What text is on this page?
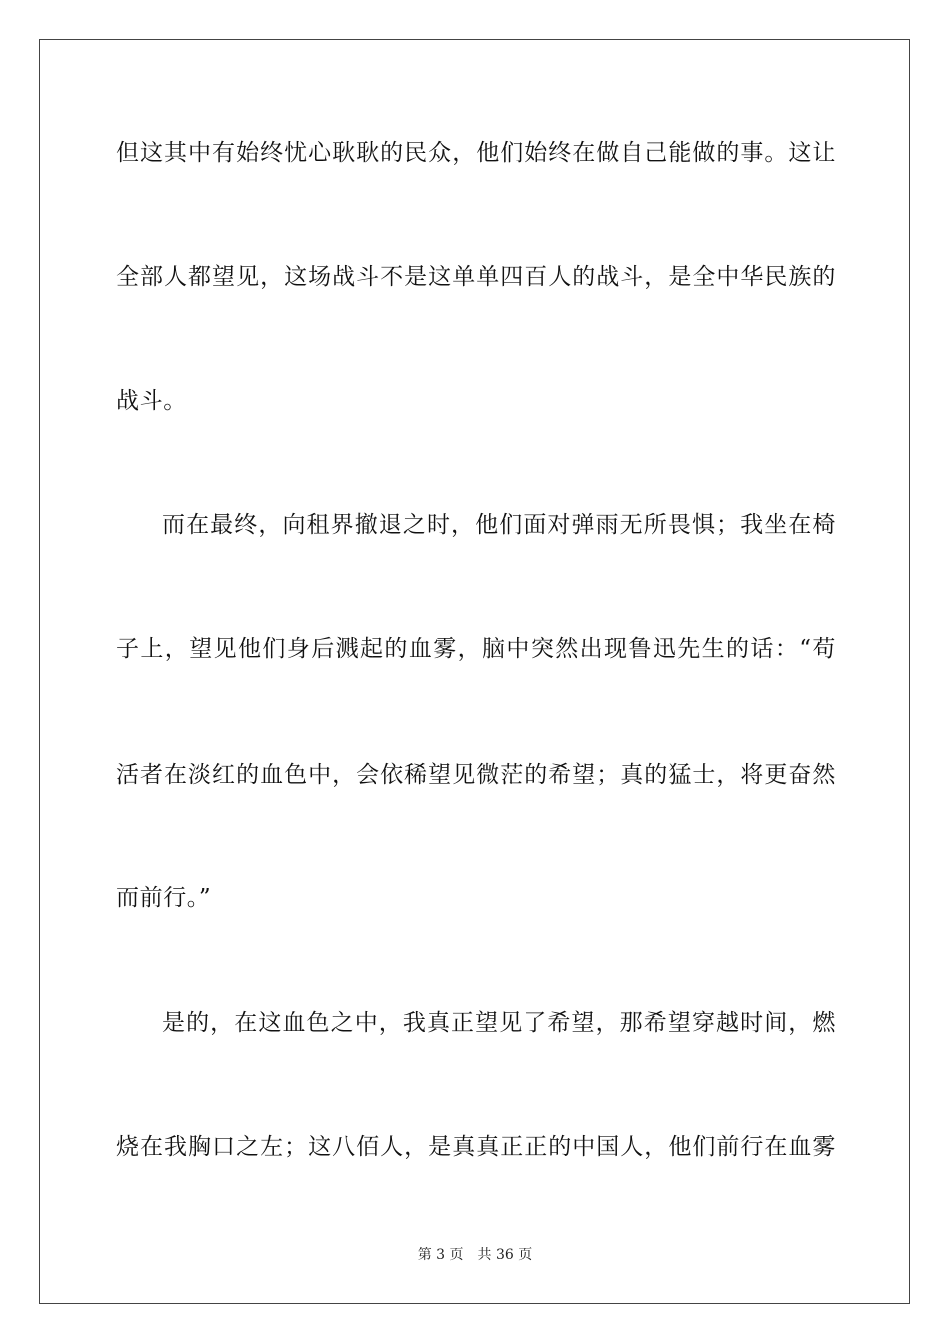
但这其中有始终忧心耿耿的民众，他们始终在做自己能做的事。这让
全部人都望见，这场战斗不是这单单四百人的战斗，是全中华民族的
战斗。
而在最终，向租界撤退之时，他们面对弹雨无所畏惧；我坐在椅
子上，望见他们身后溅起的血雾，脑中突然出现鲁迅先生的话：“苟
活者在淡红的血色中，会依稀望见微茫的希望；真的猛士，将更奋然
而前行。”
是的，在这血色之中，我真正望见了希望，那希望穿越时间，燃
烧在我胸口之左；这八佰人，是真真正正的中国人，他们前行在血雾
第 3 页 共 36 页
